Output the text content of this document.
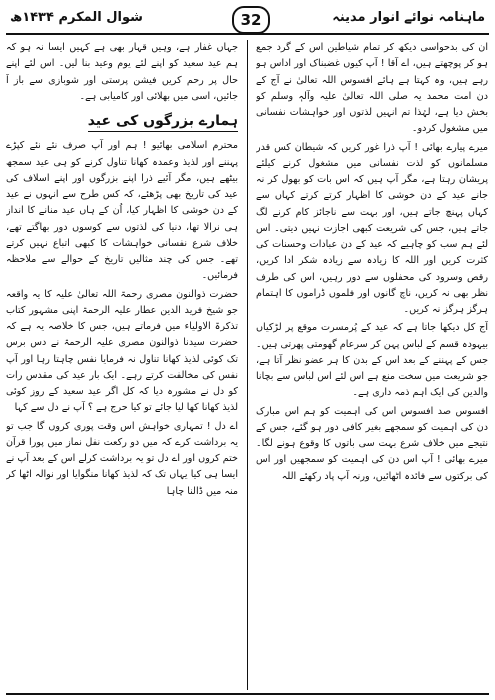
ماہنامہ نوائے انوار مدینہ
32
شوال المکرم ۱۴۳۴ھ

ان کی بدحواسی دیکھ کر تمام شیاطین اس کے گرد جمع ہو کر پوچھتے ہیں، اے آقا ! آپ کیوں غضبناک اور اداس ہو رہے ہیں، وہ کہتا ہے ہائے افسوس اللہ تعالیٰ نے آج کے دن امت محمد یہ صلی اللہ تعالیٰ علیہ وآلہٖ وسلم کو بخش دیا ہے، لہٰذا تم انہیں لذتوں اور خواہشات نفسانی میں مشغول کردو۔

میرے پیارے بھائی ! آپ ذرا غور کریں کہ شیطان کس قدر مسلمانوں کو لذت نفسانی میں مشغول کرنے کیلئے پریشان رہتا ہے، مگر آپ ہیں کہ اس بات کو بھول کر نہ جانے عید کے دن خوشی کا اظہار کرتے کرتے کہاں سے کہاں پہنچ جاتے ہیں، اور بہت سے ناجائز کام کرنے لگ جاتے ہیں، جس کی شریعت کبھی اجازت نہیں دیتی۔ اس لئے ہم سب کو چاہیے کہ عید کے دن عبادات وحسنات کی کثرت کریں اور اللہ کا زیادہ سے زیادہ شکر ادا کریں، رقص وسرود کی محفلوں سے دور رہیں، اس کی طرف نظر بھی نہ کریں، ناچ گانوں اور فلموں ڈراموں کا اہتمام ہرگز ہرگز نہ کریں۔

آج کل دیکھا جاتا ہے کہ عید کے پُرمسرت موقع پر لڑکیاں بیہودہ قسم کے لباس پہن کر سرعام گھومتی پھرتی ہیں۔ جس کے پہننے کے بعد اس کے بدن کا ہر عضو نظر آتا ہے، جو شریعت میں سخت منع ہے اس لئے اس لباس سے بچانا والدین کی ایک اہم ذمہ داری ہے۔

افسوس صد افسوس اس کی اہمیت کو ہم اس مبارک دن کی اہمیت کو سمجھے بغیر کافی دور ہو گئے، جس کے نتیجے میں خلاف شرع بہت سی باتوں کا وقوع ہونے لگا۔ میرے بھائی ! آپ اس دن کی اہمیت کو سمجھیں اور اس کی برکتوں سے فائدہ اٹھائیں، ورنہ آپ پاد رکھئے اللہ

جہاں غفار ہے، وہیں قہار بھی ہے کہیں ایسا نہ ہو کہ ہم عید سعید کو اپنے لئے یوم وعید بنا لیں۔ اس لئے اپنے حال پر رحم کریں فیشن پرستی اور شوبازی سے باز آ جائیں، اسی میں بھلائی اور کامیابی ہے۔

ہمارے بزرگوں کی عید

محترم اسلامی بھائیو ! ہم اور آپ صرف نئے نئے کپڑے پہننے اور لذیذ وعمدہ کھانا تناول کرنے کو ہی عید سمجھ بیٹھے ہیں، مگر آئیے ذرا اپنے بزرگوں اور اپنے اسلاف کی عید کی تاریخ بھی پڑھئے، کہ کس طرح سے انہوں نے عید کے دن خوشی کا اظہار کیا، اُن کے ہاں عید منانے کا انداز ہی نرالا تھا، دنیا کی لذتوں سے کوسوں دور بھاگتے تھے، خلاف شرع نفسانی خواہشات کا کبھی اتباع نہیں کرتے تھے۔ جس کی چند مثالیں تاریخ کے حوالے سے ملاحظہ فرمائیں۔

حضرت ذوالنون مصری رحمۃ اللہ تعالیٰ علیہ کا یہ واقعہ جو شیخ فرید الدین عطار علیہ الرحمۃ اپنی مشہور کتاب تذکرۃ الاولیاء میں فرماتے ہیں، جس کا خلاصہ یہ ہے کہ حضرت سیدنا ذوالنون مصری علیہ الرحمۃ نے دس برس تک کوئی لذیذ کھانا تناول نہ فرمایا نفس چاہتا رہا اور آپ نفس کی مخالفت کرتے رہے۔ ایک بار عید کی مقدس رات کو دل نے مشورہ دیا کہ کل اگر عید سعید کے روز کوئی لذیذ کھانا کھا لیا جائے تو کیا حرج ہے ؟ آپ نے دل سے کہا

اے دل ! تمہاری خواہش اس وقت پوری کروں گا جب تو یہ برداشت کرے کہ میں دو رکعت نفل نماز میں پورا قرآن ختم کروں اور اے دل تو یہ برداشت کرلے اس کے بعد آپ نے ایسا ہی کیا یہاں تک کہ لذیذ کھانا منگوایا اور نوالہ اٹھا کر منہ میں ڈالنا چاہا
